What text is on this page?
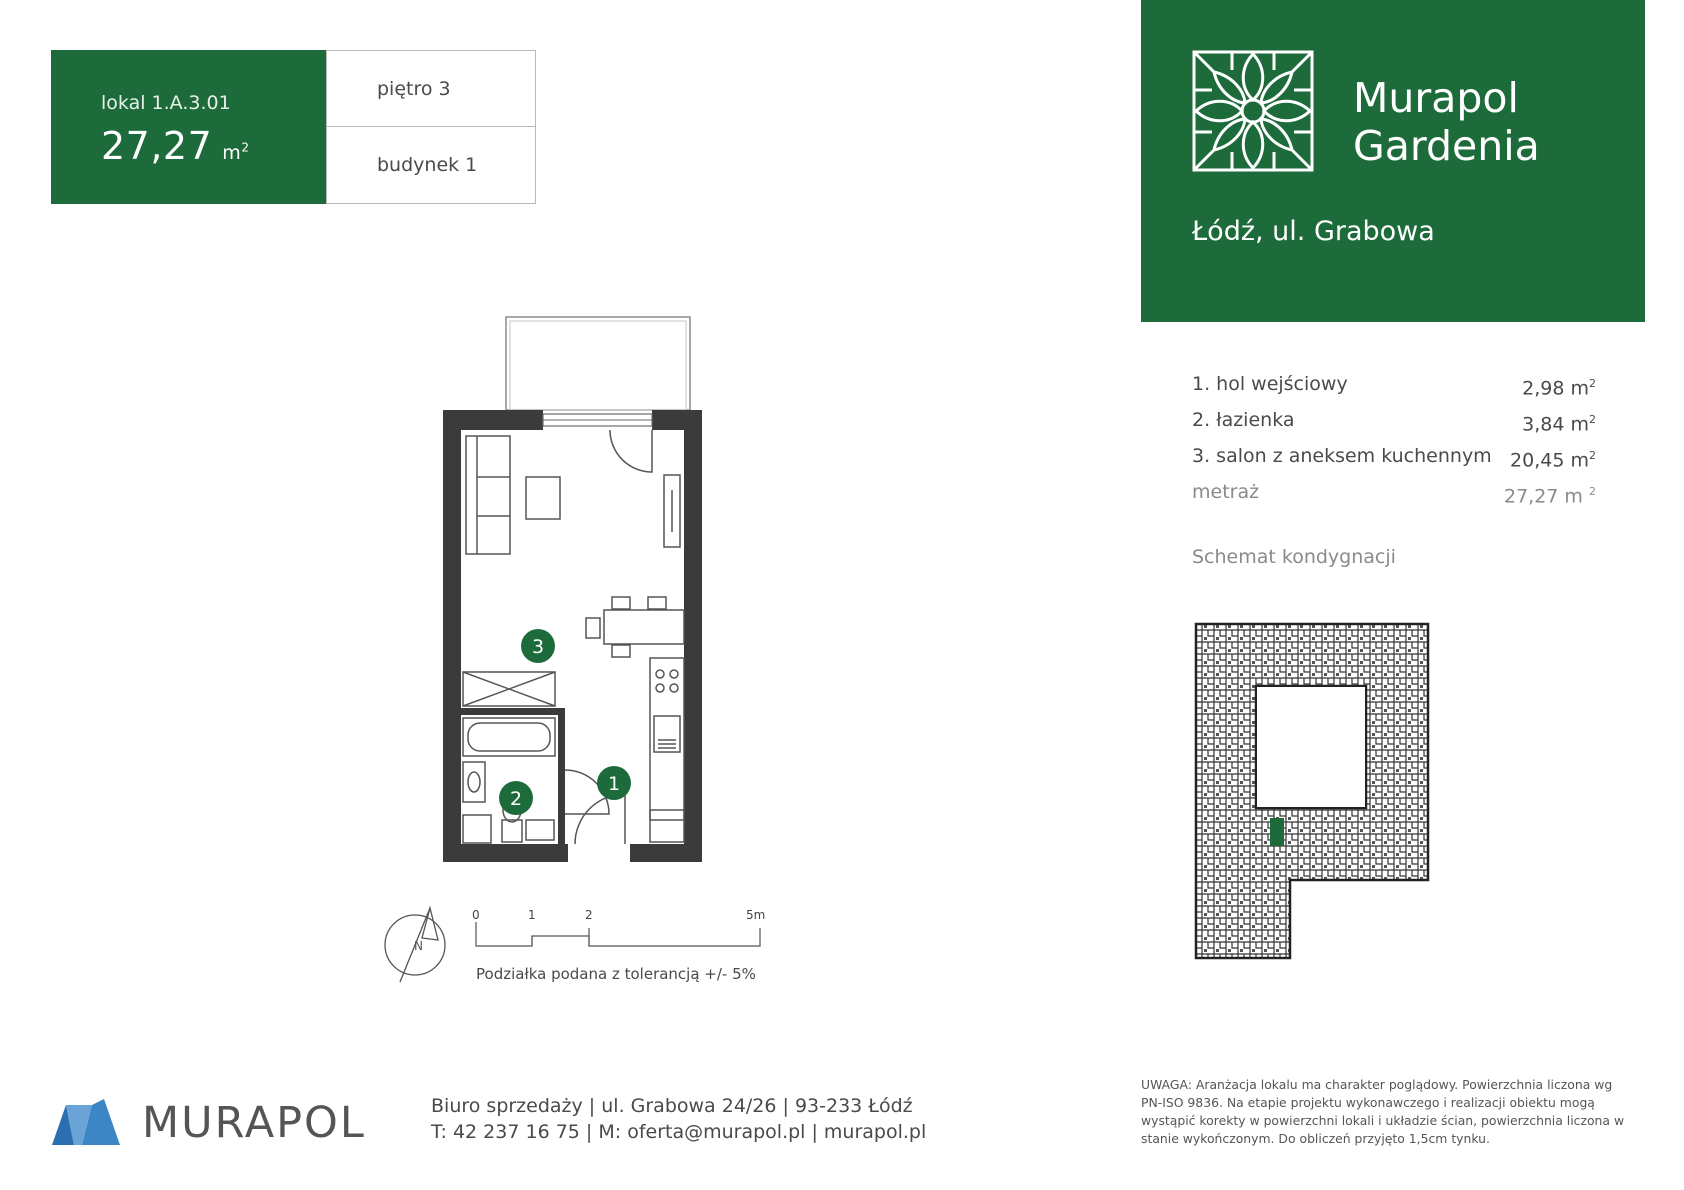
lokal 1.A.3.01
27,27 $m^2$
piętro 3
budynek 1
Murapol
Gardenia
Łódź, ul. Grabowa
1. hol wejściowy	2,98 $m^2$
2. łazienka	3,84 $m^2$
3. salon z aneksem kuchennym 20,45 $m^2$
metraż	27,27 m $^2$
Schemat kondygnacji
3
2
1
N
0	1	2	5m
Podziałka podana z tolerancją +/- 5%
MURAPOL	Biuro sprzedaży | ul. Grabowa 24/26 | 93-233 Łódź
T: 42 237 16 75 | M: oferta@murapol.pl | murapol.pl
UWAGA: Aranżacja lokalu ma charakter poglądowy. Powierzchnia liczona wg PN-ISO 9836. Na etapie projektu wykonawczego i realizacji obiektu mogą wystąpić korekty w powierzchni lokali i układzie ścian, powierzchnia liczona w stanie wykończonym. Do obliczeń przyjęto 1,5cm tynku.
